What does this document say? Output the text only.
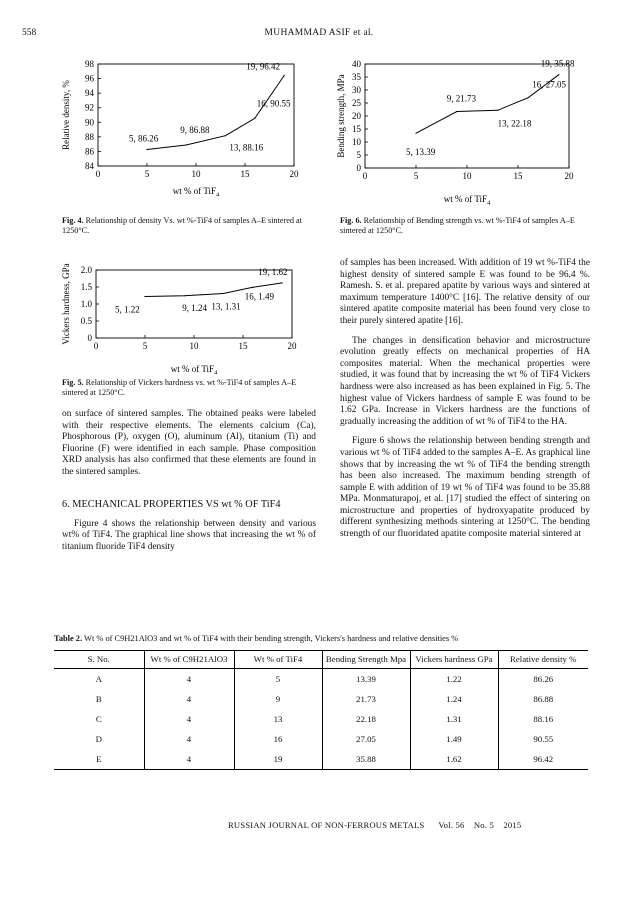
558	MUHAMMAD ASIF et al.
0	5	10	15	20
84
86
88
90
92
94
96
98
5, 86.26
9, 86.88
13, 88.16
16, 90.55
19, 96.42
wt % of TiF$_4$
Relative density, %
Fig. 4. Relationship of density Vs. wt %-TiF4 of samples A–E sintered at 1250°C.
0	5	10	15	20
0
5
10
15
20
25
30
35
40
5, 13.39
9, 21.73
13, 22.18
16, 27.05
19, 35.88
wt % of TiF$_4$
Bending strength, MPa
Fig. 6. Relationship of Bending strength vs. wt %-TiF4 of samples A–E sintered at 1250°C.
0	5	10	15	20
0
0.5
1.0
1.5
2.0
5, 1.22	9, 1.24 13, 1.31
16, 1.49
19, 1.62
wt % of TiF$_4$
Vickers hardness, GPa
Fig. 5. Relationship of Vickers hardness vs. wt %-TiF4 of samples A–E sintered at 1250°C.

on surface of sintered samples. The obtained peaks were labeled with their respective elements. The elements calcium (Ca), Phosphorous (P), oxygen (O), aluminum (Al), titanium (Ti) and Fluorine (F) were identified in each sample. Phase composition XRD analysis has also confirmed that these elements are found in the sintered samples.

6. MECHANICAL PROPERTIES VS wt % OF TiF4

Figure 4 shows the relationship between density and various wt% of TiF4. The graphical line shows that increasing the wt % of titanium fluoride TiF4 density

of samples has been increased. With addition of 19 wt %-TiF4 the highest density of sintered sample E was found to be 96.4 %. Ramesh. S. et al. prepared apatite by various ways and sintered at maximum temperature 1400°C [16]. The relative density of our sintered apatite composite material has been found very close to their purely sintered apatite [16].

The changes in densification behavior and microstructure evolution greatly effects on mechanical properties of HA composites material. When the mechanical properties were studied, it was found that by increasing the wt % of TiF4 Vickers hardness were also increased as has been explained in Fig. 5. The highest value of Vickers hardness of sample E was found to be 1.62 GPa. Increase in Vickers hardness are the functions of gradually increasing the addition of wt % of TiF4 to the HA.

Figure 6 shows the relationship between bending strength and various wt % of TiF4 added to the samples A–E. As graphical line shows that by increasing the wt % of TiF4 the bending strength has been also increased. The maximum bending strength of sample E with addition of 19 wt % of TiF4 was found to be 35.88 MPa. Monmaturapoj, et al. [17] studied the effect of sintering on microstructure and properties of hydroxyapatite produced by different synthesizing methods sintering at 1250°C. The bending strength of our fluoridated apatite composite material sintered at

Table 2. Wt % of C9H21AlO3 and wt % of TiF4 with their bending strength, Vickers's hardness and relative densities %
S. No.	Wt % of C9H21AlO3	Wt % of TiF4	Bending Strength Mpa	Vickers hardness GPa	Relative density %
A	4	5	13.39	1.22	86.26
B	4	9	21.73	1.24	86.88
C	4	13	22.18	1.31	88.16
D	4	16	27.05	1.49	90.55
E	4	19	35.88	1.62	96.42
RUSSIAN JOURNAL OF NON-FERROUS METALS Vol. 56 No. 5 2015
